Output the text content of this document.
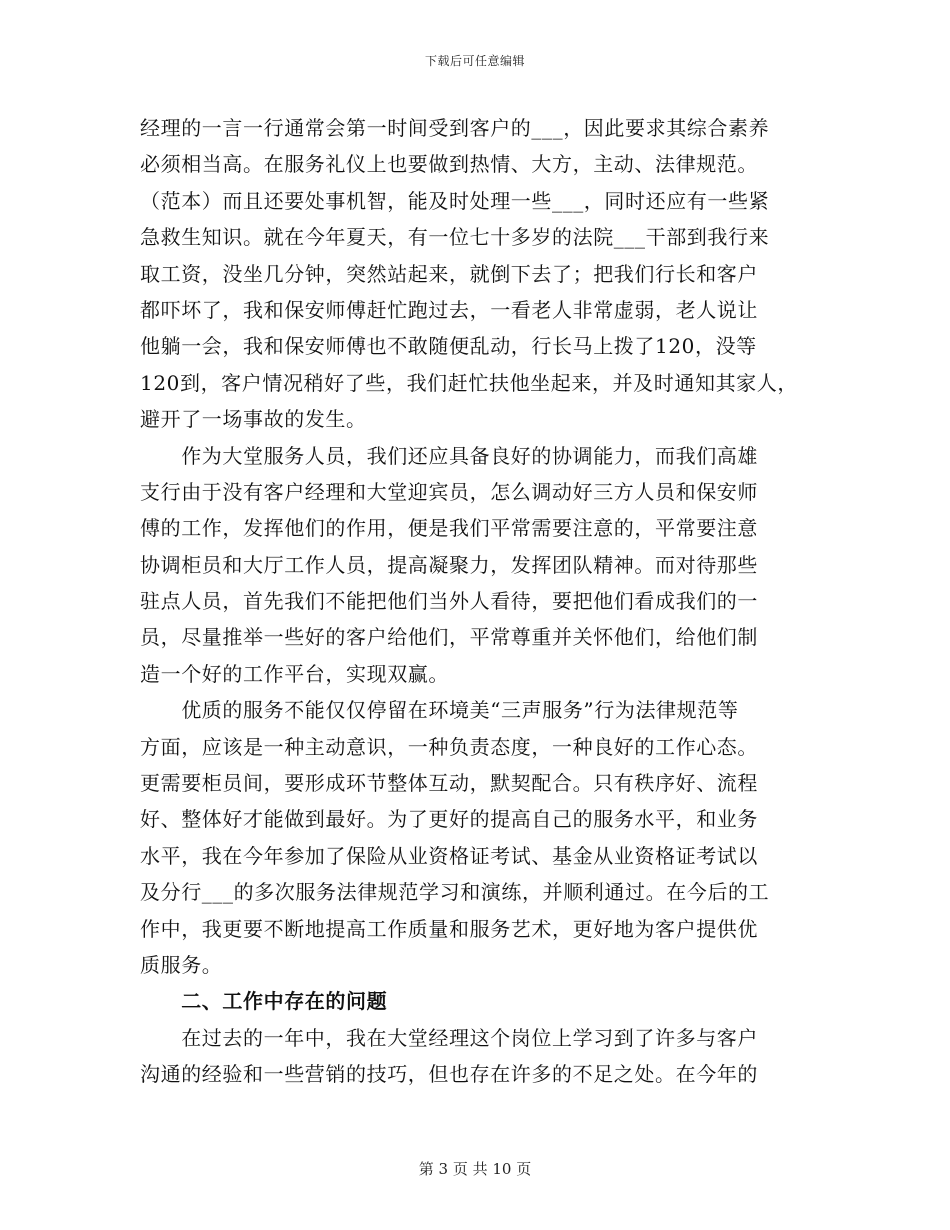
下载后可任意编辑
经理的一言一行通常会第一时间受到客户的___，因此要求其综合素养
必须相当高。在服务礼仪上也要做到热情、大方，主动、法律规范。
（范本）而且还要处事机智，能及时处理一些___，同时还应有一些紧
急救生知识。就在今年夏天，有一位七十多岁的法院___干部到我行来
取工资，没坐几分钟，突然站起来，就倒下去了；把我们行长和客户
都吓坏了，我和保安师傅赶忙跑过去，一看老人非常虚弱，老人说让
他躺一会，我和保安师傅也不敢随便乱动，行长马上拨了120，没等
120到，客户情况稍好了些，我们赶忙扶他坐起来，并及时通知其家人，
避开了一场事故的发生。
　　作为大堂服务人员，我们还应具备良好的协调能力，而我们高雄
支行由于没有客户经理和大堂迎宾员，怎么调动好三方人员和保安师
傅的工作，发挥他们的作用，便是我们平常需要注意的，平常要注意
协调柜员和大厅工作人员，提高凝聚力，发挥团队精神。而对待那些
驻点人员，首先我们不能把他们当外人看待，要把他们看成我们的一
员，尽量推举一些好的客户给他们，平常尊重并关怀他们，给他们制
造一个好的工作平台，实现双赢。
　　优质的服务不能仅仅停留在环境美“三声服务”行为法律规范等
方面，应该是一种主动意识，一种负责态度，一种良好的工作心态。
更需要柜员间，要形成环节整体互动，默契配合。只有秩序好、流程
好、整体好才能做到最好。为了更好的提高自己的服务水平，和业务
水平，我在今年参加了保险从业资格证考试、基金从业资格证考试以
及分行___的多次服务法律规范学习和演练，并顺利通过。在今后的工
作中，我更要不断地提高工作质量和服务艺术，更好地为客户提供优
质服务。
　　二、工作中存在的问题
　　在过去的一年中，我在大堂经理这个岗位上学习到了许多与客户
沟通的经验和一些营销的技巧，但也存在许多的不足之处。在今年的
第 3 页 共 10 页
